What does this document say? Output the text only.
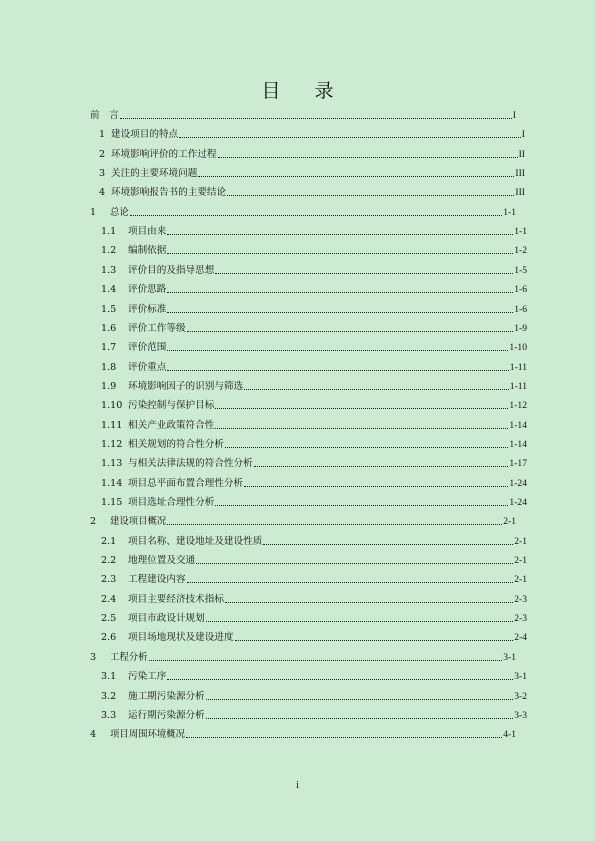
目 录
前　言	I
1 建设项目的特点	I
2 环境影响评价的工作过程	II
3 关注的主要环境问题	III
4 环境影响报告书的主要结论	III
1	总论	1-1
1.1	项目由来	1-1
1.2	编制依据	1-2
1.3	评价目的及指导思想	1-5
1.4	评价思路	1-6
1.5	评价标准	1-6
1.6	评价工作等级	1-9
1.7	评价范围	1-10
1.8	评价重点	1-11
1.9	环境影响因子的识别与筛选	1-11
1.10 污染控制与保护目标	1-12
1.11 相关产业政策符合性	1-14
1.12 相关规划的符合性分析	1-14
1.13 与相关法律法规的符合性分析	1-17
1.14 项目总平面布置合理性分析	1-24
1.15 项目选址合理性分析	1-24
2	建设项目概况	2-1
2.1	项目名称、建设地址及建设性质	2-1
2.2	地理位置及交通	2-1
2.3	工程建设内容	2-1
2.4	项目主要经济技术指标	2-3
2.5	项目市政设计规划	2-3
2.6	项目场地现状及建设进度	2-4
3	工程分析	3-1
3.1	污染工序	3-1
3.2	施工期污染源分析	3-2
3.3	运行期污染源分析	3-3
4	项目周围环境概况	4-1
i
